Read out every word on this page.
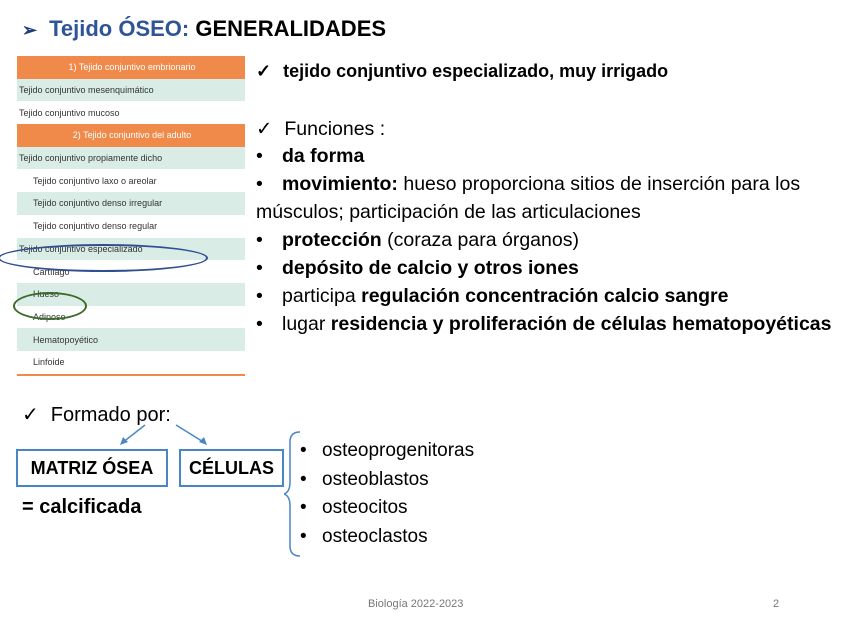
➢ Tejido ÓSEO: GENERALIDADES
1) Tejido conjuntivo embrionario
Tejido conjuntivo mesenquimático
Tejido conjuntivo mucoso
2) Tejido conjuntivo del adulto
Tejido conjuntivo propiamente dicho
Tejido conjuntivo laxo o areolar
Tejido conjuntivo denso irregular
Tejido conjuntivo denso regular
Tejido conjuntivo especializado
Cartílago
Hueso
Adiposo
Hematopoyético
Linfoide
✓ tejido conjuntivo especializado, muy irrigado
✓ Funciones :
• da forma
• movimiento: hueso proporciona sitios de inserción para los
músculos; participación de las articulaciones
• protección (coraza para órganos)
• depósito de calcio y otros iones
• participa regulación concentración calcio sangre
• lugar residencia y proliferación de células hematopoyéticas
✓ Formado por:
MATRIZ ÓSEA	CÉLULAS
= calcificada
• osteoprogenitoras
• osteoblastos
• osteocitos
• osteoclastos
Biología 2022-2023	2
